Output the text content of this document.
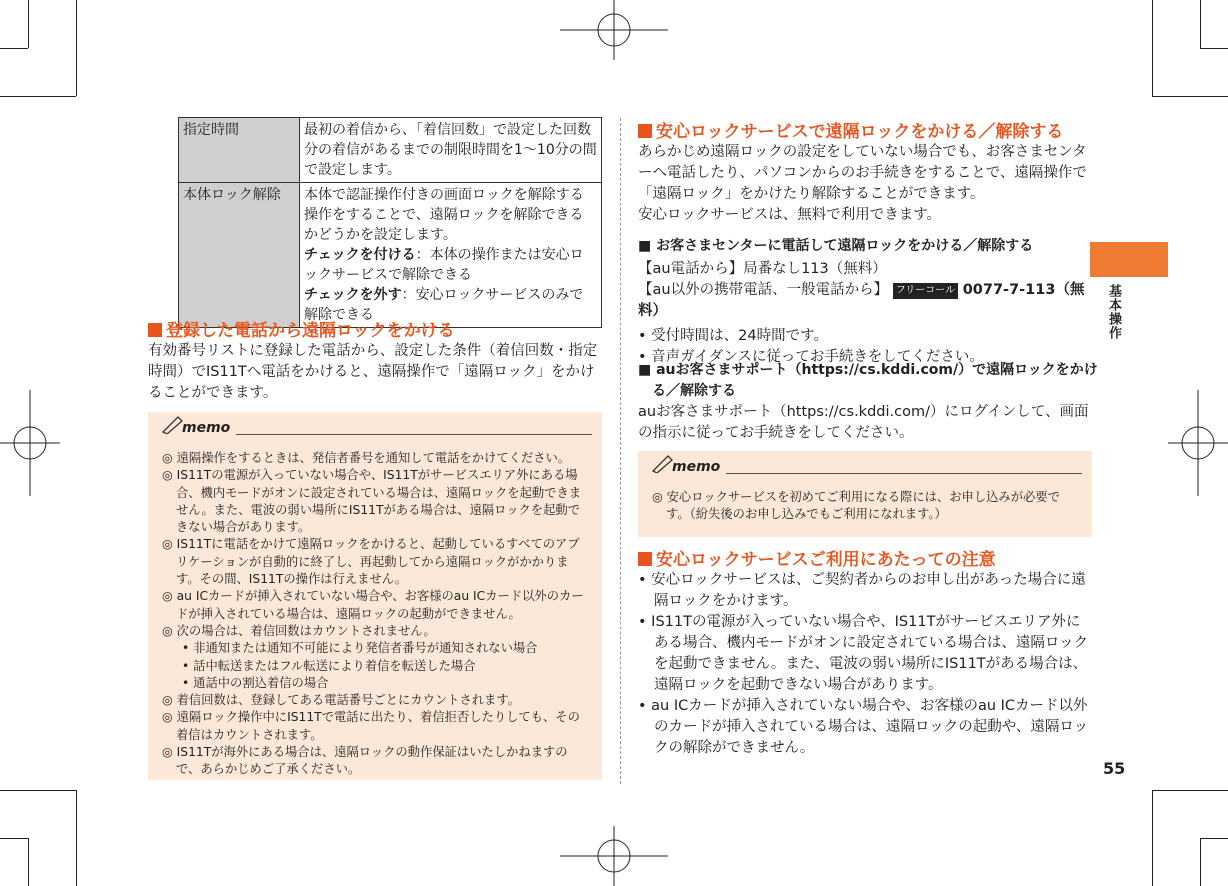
指定時間	最初の着信から、「着信回数」で設定した回数分の着信があるまでの制限時間を1〜10分の間で設定します。
本体ロック解除	本体で認証操作付きの画面ロックを解除する操作をすることで、遠隔ロックを解除できるかどうかを設定します。
チェックを付ける：本体の操作または安心ロックサービスで解除できる
チェックを外す：安心ロックサービスのみで解除できる
登録した電話から遠隔ロックをかける
有効番号リストに登録した電話から、設定した条件（着信回数・指定時間）でIS11Tへ電話をかけると、遠隔操作で「遠隔ロック」をかけることができます。
memo
◎ 遠隔操作をするときは、発信者番号を通知して電話をかけてください。
◎ IS11Tの電源が入っていない場合や、IS11Tがサービスエリア外にある場合、機内モードがオンに設定されている場合は、遠隔ロックを起動できません。また、電波の弱い場所にIS11Tがある場合は、遠隔ロックを起動できない場合があります。
◎ IS11Tに電話をかけて遠隔ロックをかけると、起動しているすべてのアプリケーションが自動的に終了し、再起動してから遠隔ロックがかかります。その間、IS11Tの操作は行えません。
◎ au ICカードが挿入されていない場合や、お客様のau ICカード以外のカードが挿入されている場合は、遠隔ロックの起動ができません。
◎ 次の場合は、着信回数はカウントされません。
• 非通知または通知不可能により発信者番号が通知されない場合
• 話中転送またはフル転送により着信を転送した場合
• 通話中の割込着信の場合
◎ 着信回数は、登録してある電話番号ごとにカウントされます。
◎ 遠隔ロック操作中にIS11Tで電話に出たり、着信拒否したりしても、その着信はカウントされます。
◎ IS11Tが海外にある場合は、遠隔ロックの動作保証はいたしかねますので、あらかじめご了承ください。
安心ロックサービスで遠隔ロックをかける／解除する
あらかじめ遠隔ロックの設定をしていない場合でも、お客さまセンターへ電話したり、パソコンからのお手続きをすることで、遠隔操作で「遠隔ロック」をかけたり解除することができます。
安心ロックサービスは、無料で利用できます。
■ お客さまセンターに電話して遠隔ロックをかける／解除する
【au電話から】局番なし113（無料）
【au以外の携帯電話、一般電話から】 フリーコール 0077-7-113（無料）
• 受付時間は、24時間です。
• 音声ガイダンスに従ってお手続きをしてください。
■ auお客さまサポート（https://cs.kddi.com/）で遠隔ロックをかける／解除する
auお客さまサポート（https://cs.kddi.com/）にログインして、画面の指示に従ってお手続きをしてください。
memo
◎ 安心ロックサービスを初めてご利用になる際には、お申し込みが必要です。（紛失後のお申し込みでもご利用になれます。）
安心ロックサービスご利用にあたっての注意
• 安心ロックサービスは、ご契約者からのお申し出があった場合に遠隔ロックをかけます。
• IS11Tの電源が入っていない場合や、IS11Tがサービスエリア外にある場合、機内モードがオンに設定されている場合は、遠隔ロックを起動できません。また、電波の弱い場所にIS11Tがある場合は、遠隔ロックを起動できない場合があります。
• au ICカードが挿入されていない場合や、お客様のau ICカード以外のカードが挿入されている場合は、遠隔ロックの起動や、遠隔ロックの解除ができません。
基本操作
55
